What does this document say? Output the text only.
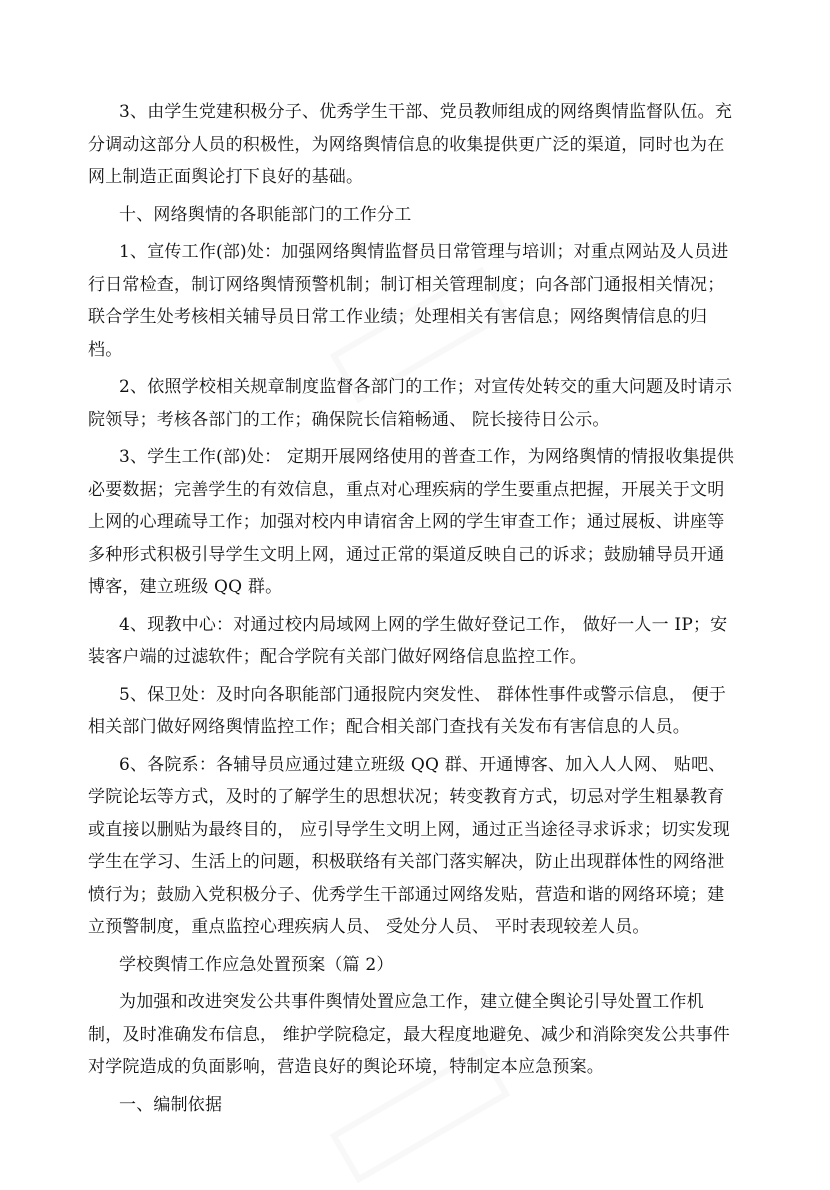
3、由学生党建积极分子、优秀学生干部、党员教师组成的网络舆情监督队伍。充分调动这部分人员的积极性，为网络舆情信息的收集提供更广泛的渠道，同时也为在网上制造正面舆论打下良好的基础。

十、网络舆情的各职能部门的工作分工

1、宣传工作(部)处：加强网络舆情监督员日常管理与培训；对重点网站及人员进行日常检查，制订网络舆情预警机制；制订相关管理制度；向各部门通报相关情况；联合学生处考核相关辅导员日常工作业绩；处理相关有害信息；网络舆情信息的归档。

2、依照学校相关规章制度监督各部门的工作；对宣传处转交的重大问题及时请示院领导；考核各部门的工作；确保院长信箱畅通、 院长接待日公示。

3、学生工作(部)处： 定期开展网络使用的普查工作，为网络舆情的情报收集提供必要数据；完善学生的有效信息，重点对心理疾病的学生要重点把握，开展关于文明上网的心理疏导工作；加强对校内申请宿舍上网的学生审查工作；通过展板、讲座等多种形式积极引导学生文明上网，通过正常的渠道反映自己的诉求；鼓励辅导员开通博客，建立班级 QQ 群。

4、现教中心：对通过校内局域网上网的学生做好登记工作， 做好一人一 IP；安装客户端的过滤软件；配合学院有关部门做好网络信息监控工作。

5、保卫处：及时向各职能部门通报院内突发性、 群体性事件或警示信息， 便于相关部门做好网络舆情监控工作；配合相关部门查找有关发布有害信息的人员。

6、各院系：各辅导员应通过建立班级 QQ 群、开通博客、加入人人网、 贴吧、学院论坛等方式，及时的了解学生的思想状况；转变教育方式，切忌对学生粗暴教育或直接以删贴为最终目的， 应引导学生文明上网，通过正当途径寻求诉求；切实发现学生在学习、生活上的问题，积极联络有关部门落实解决，防止出现群体性的网络泄愤行为；鼓励入党积极分子、优秀学生干部通过网络发贴，营造和谐的网络环境；建立预警制度，重点监控心理疾病人员、 受处分人员、 平时表现较差人员。

学校舆情工作应急处置预案（篇 2）

为加强和改进突发公共事件舆情处置应急工作，建立健全舆论引导处置工作机制，及时准确发布信息， 维护学院稳定，最大程度地避免、减少和消除突发公共事件对学院造成的负面影响，营造良好的舆论环境，特制定本应急预案。

一、编制依据
